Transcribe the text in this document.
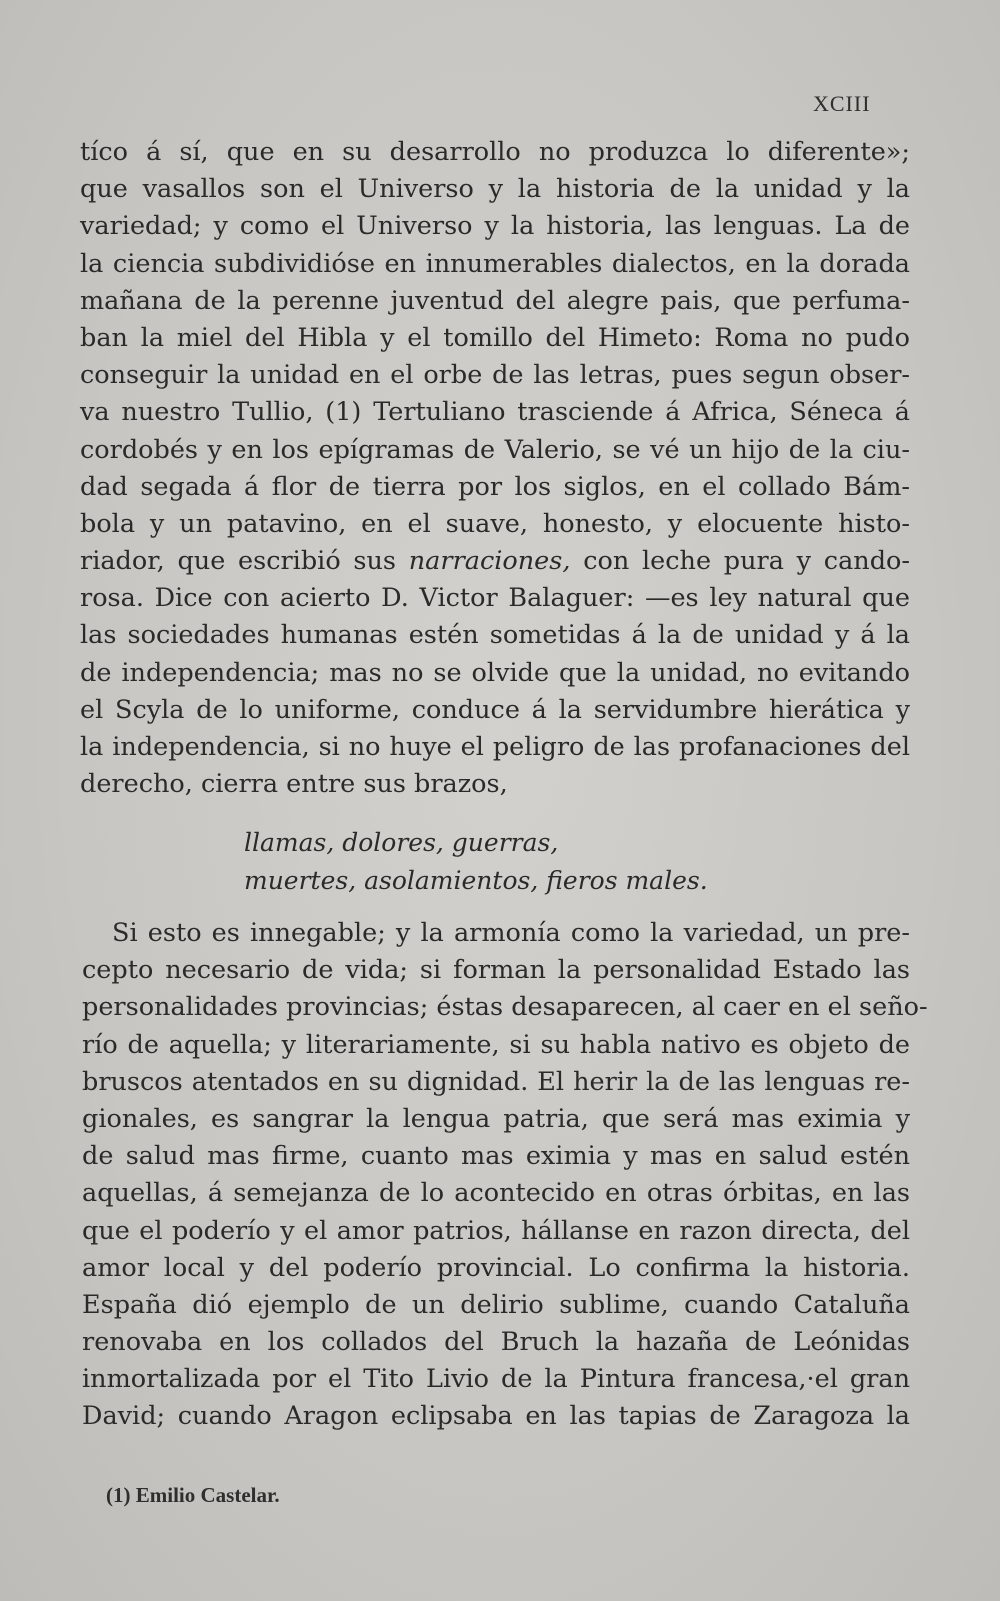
XCIII
tíco á sí, que en su desarrollo no produzca lo diferente»;
que vasallos son el Universo y la historia de la unidad y la
variedad; y como el Universo y la historia, las lenguas. La de
la ciencia subdividióse en innumerables dialectos, en la dorada
mañana de la perenne juventud del alegre pais, que perfuma-
ban la miel del Hibla y el tomillo del Himeto: Roma no pudo
conseguir la unidad en el orbe de las letras, pues segun obser-
va nuestro Tullio, (1) Tertuliano trasciende á Africa, Séneca á
cordobés y en los epígramas de Valerio, se vé un hijo de la ciu-
dad segada á flor de tierra por los siglos, en el collado Bám-
bola y un patavino, en el suave, honesto, y elocuente histo-
riador, que escribió sus narraciones, con leche pura y cando-
rosa. Dice con acierto D. Victor Balaguer: —es ley natural que
las sociedades humanas estén sometidas á la de unidad y á la
de independencia; mas no se olvide que la unidad, no evitando
el Scyla de lo uniforme, conduce á la servidumbre hierática y
la independencia, si no huye el peligro de las profanaciones del
derecho, cierra entre sus brazos,
llamas, dolores, guerras,
muertes, asolamientos, fieros males.
Si esto es innegable; y la armonía como la variedad, un pre-
cepto necesario de vida; si forman la personalidad Estado las
personalidades provincias; éstas desaparecen, al caer en el seño-
río de aquella; y literariamente, si su habla nativo es objeto de
bruscos atentados en su dignidad. El herir la de las lenguas re-
gionales, es sangrar la lengua patria, que será mas eximia y
de salud mas firme, cuanto mas eximia y mas en salud estén
aquellas, á semejanza de lo acontecido en otras órbitas, en las
que el poderío y el amor patrios, hállanse en razon directa, del
amor local y del poderío provincial. Lo confirma la historia.
España dió ejemplo de un delirio sublime, cuando Cataluña
renovaba en los collados del Bruch la hazaña de Leónidas
inmortalizada por el Tito Livio de la Pintura francesa,·el gran
David; cuando Aragon eclipsaba en las tapias de Zaragoza la
(1) Emilio Castelar.
